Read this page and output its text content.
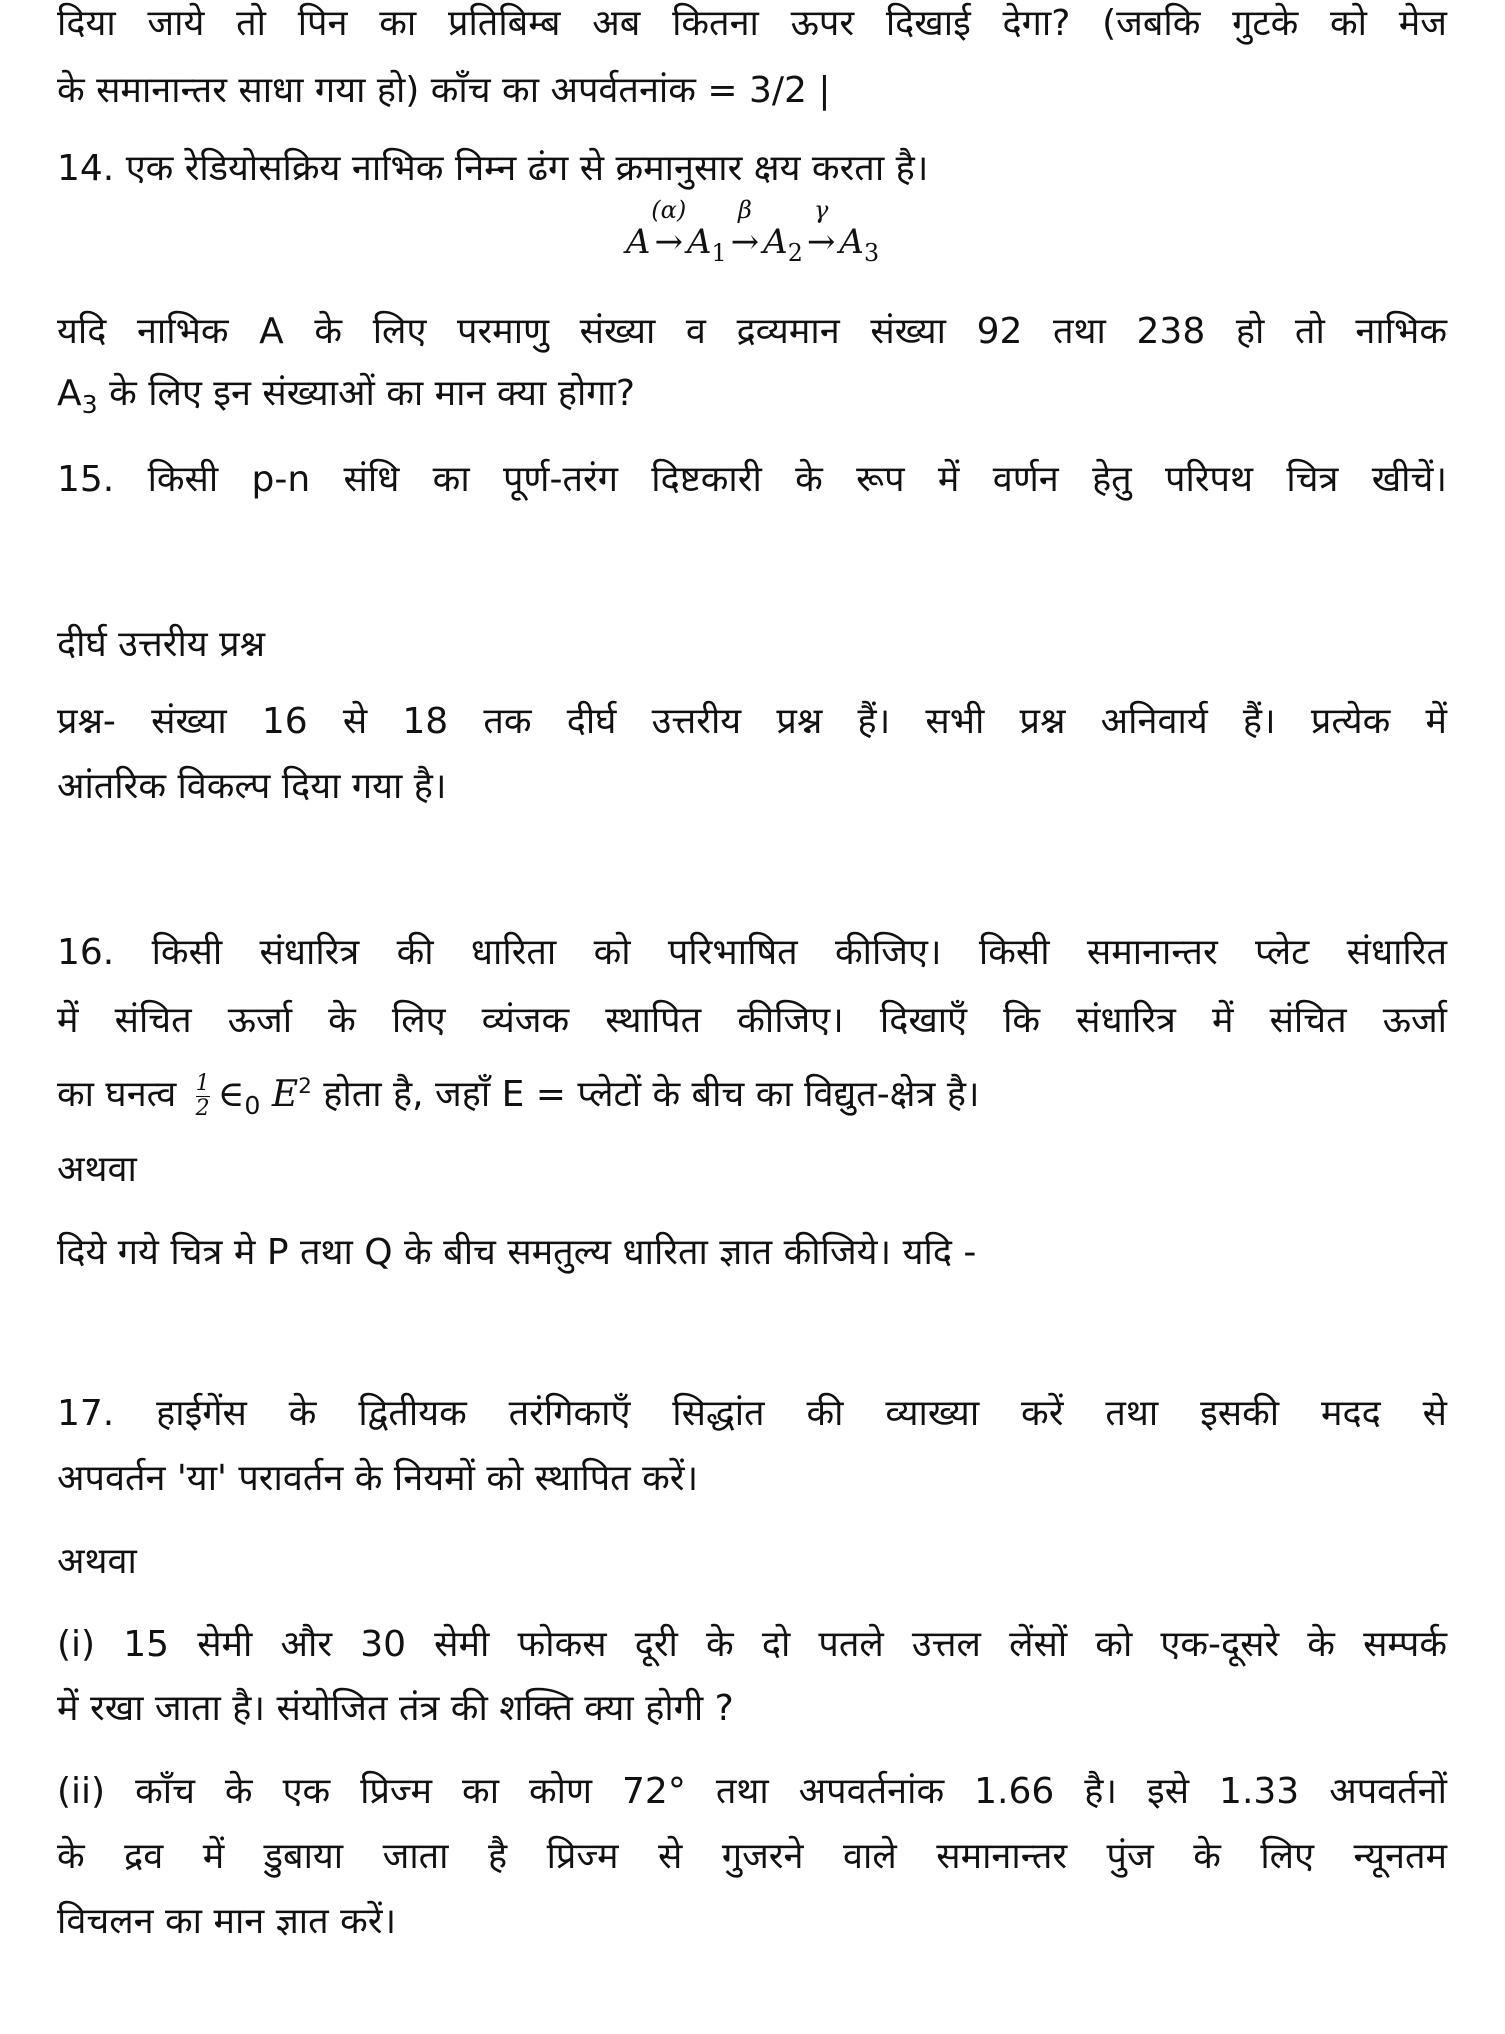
दिया जाये तो पिन का प्रतिबिम्ब अब कितना ऊपर दिखाई देगा? (जबकि गुटके को मेज
के समानान्तर साधा गया हो) काँच का अपर्वतनांक = 3/2 |
14. एक रेडियोसक्रिय नाभिक निम्न ढंग से क्रमानुसार क्षय करता है।
A
(α)
→ $A_1$
β
→ $A_2$
γ
→ $A_3$
यदि नाभिक A के लिए परमाणु संख्या व द्रव्यमान संख्या 92 तथा 238 हो तो नाभिक
$A_3$ के लिए इन संख्याओं का मान क्या होगा?
15. किसी p-n संधि का पूर्ण-तरंग दिष्टकारी के रूप में वर्णन हेतु परिपथ चित्र खीचें।
दीर्घ उत्तरीय प्रश्न
प्रश्न- संख्या 16 से 18 तक दीर्घ उत्तरीय प्रश्न हैं। सभी प्रश्न अनिवार्य हैं। प्रत्येक में
आंतरिक विकल्प दिया गया है।
16. किसी संधारित्र की धारिता को परिभाषित कीजिए। किसी समानान्तर प्लेट संधारित
में संचित ऊर्जा के लिए व्यंजक स्थापित कीजिए। दिखाएँ कि संधारित्र में संचित ऊर्जा
का घनत्व $\frac{1}{2}$ $\in_0$ $E^2$ होता है, जहाँ E = प्लेटों के बीच का विद्युत-क्षेत्र है।
अथवा
दिये गये चित्र मे P तथा Q के बीच समतुल्य धारिता ज्ञात कीजिये। यदि -
17. हाईगेंस के द्वितीयक तरंगिकाएँ सिद्धांत की व्याख्या करें तथा इसकी मदद से
अपवर्तन 'या' परावर्तन के नियमों को स्थापित करें।
अथवा
(i) 15 सेमी और 30 सेमी फोकस दूरी के दो पतले उत्तल लेंसों को एक-दूसरे के सम्पर्क
में रखा जाता है। संयोजित तंत्र की शक्ति क्या होगी ?
(ii) काँच के एक प्रिज्म का कोण 72° तथा अपवर्तनांक 1.66 है। इसे 1.33 अपवर्तनों
के द्रव में डुबाया जाता है प्रिज्म से गुजरने वाले समानान्तर पुंज के लिए न्यूनतम
विचलन का मान ज्ञात करें।
